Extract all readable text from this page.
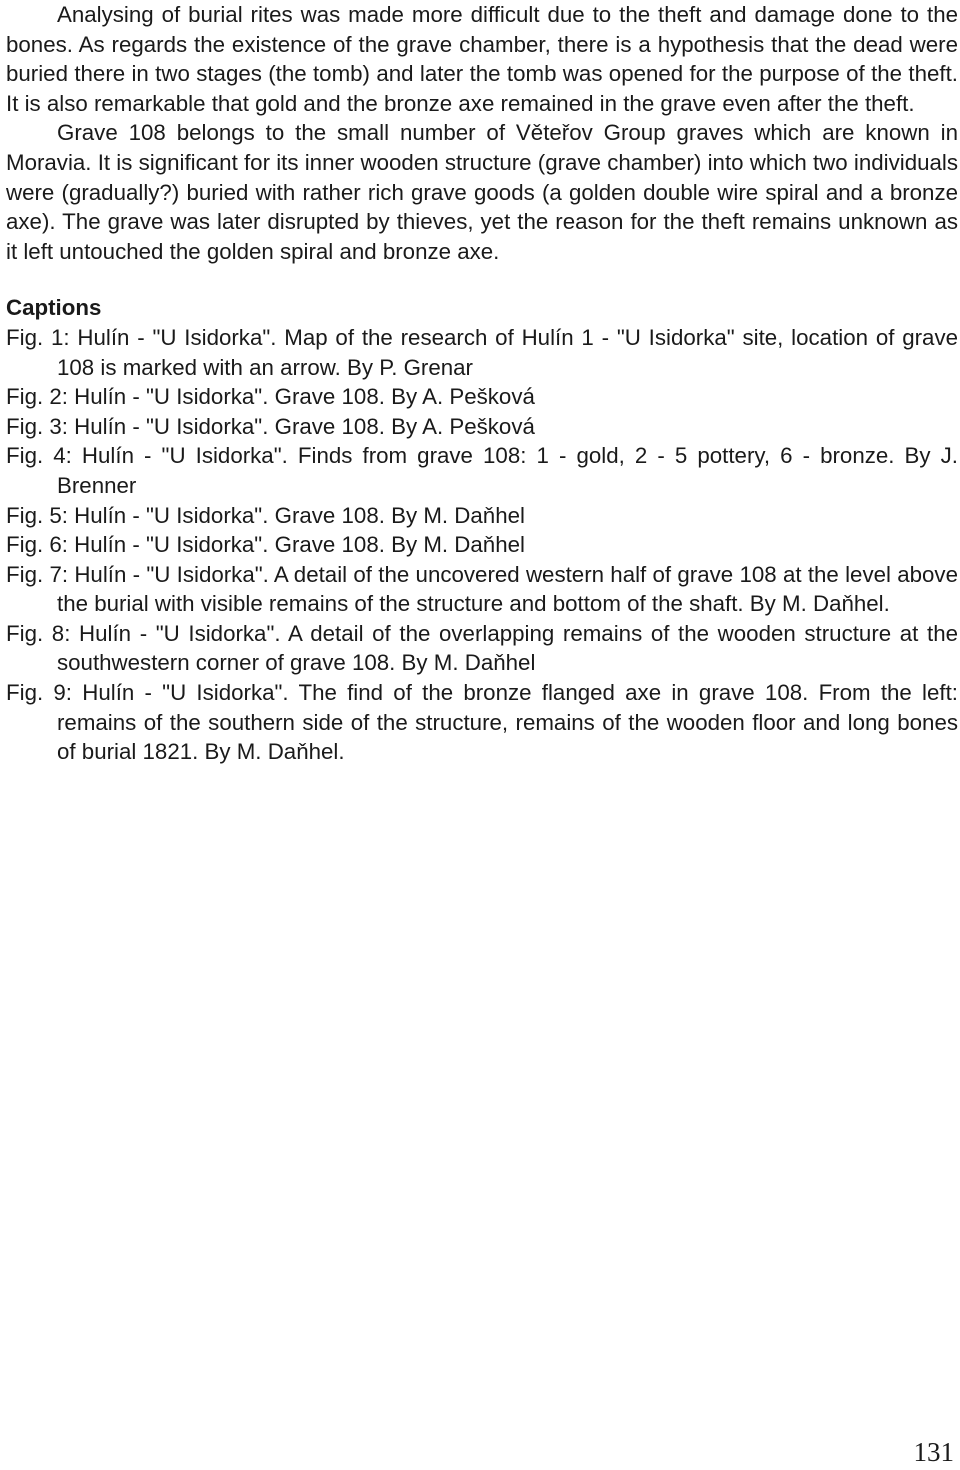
Analysing of burial rites was made more difficult due to the theft and damage done to the bones. As regards the existence of the grave chamber, there is a hypothesis that the dead were buried there in two stages (the tomb) and later the tomb was opened for the purpose of the theft. It is also remarkable that gold and the bronze axe remained in the grave even after the theft.

Grave 108 belongs to the small number of Věteřov Group graves which are known in Moravia. It is significant for its inner wooden structure (grave chamber) into which two individuals were (gradually?) buried with rather rich grave goods (a golden double wire spiral and a bronze axe). The grave was later disrupted by thieves, yet the reason for the theft remains unknown as it left untouched the golden spiral and bronze axe.

Captions
Fig. 1: Hulín - "U Isidorka". Map of the research of Hulín 1 - "U Isidorka" site, location of grave 108 is marked with an arrow. By P. Grenar
Fig. 2: Hulín - "U Isidorka". Grave 108. By A. Pešková
Fig. 3: Hulín - "U Isidorka". Grave 108. By A. Pešková
Fig. 4: Hulín - "U Isidorka". Finds from grave 108: 1 - gold, 2 - 5 pottery, 6 - bronze. By J. Brenner
Fig. 5: Hulín - "U Isidorka". Grave 108. By M. Daňhel
Fig. 6: Hulín - "U Isidorka". Grave 108. By M. Daňhel
Fig. 7: Hulín - "U Isidorka". A detail of the uncovered western half of grave 108 at the level above the burial with visible remains of the structure and bottom of the shaft. By M. Daňhel.
Fig. 8: Hulín - "U Isidorka". A detail of the overlapping remains of the wooden structure at the southwestern corner of grave 108. By M. Daňhel
Fig. 9: Hulín - "U Isidorka". The find of the bronze flanged axe in grave 108. From the left: remains of the southern side of the structure, remains of the wooden floor and long bones of burial 1821. By M. Daňhel.
131
